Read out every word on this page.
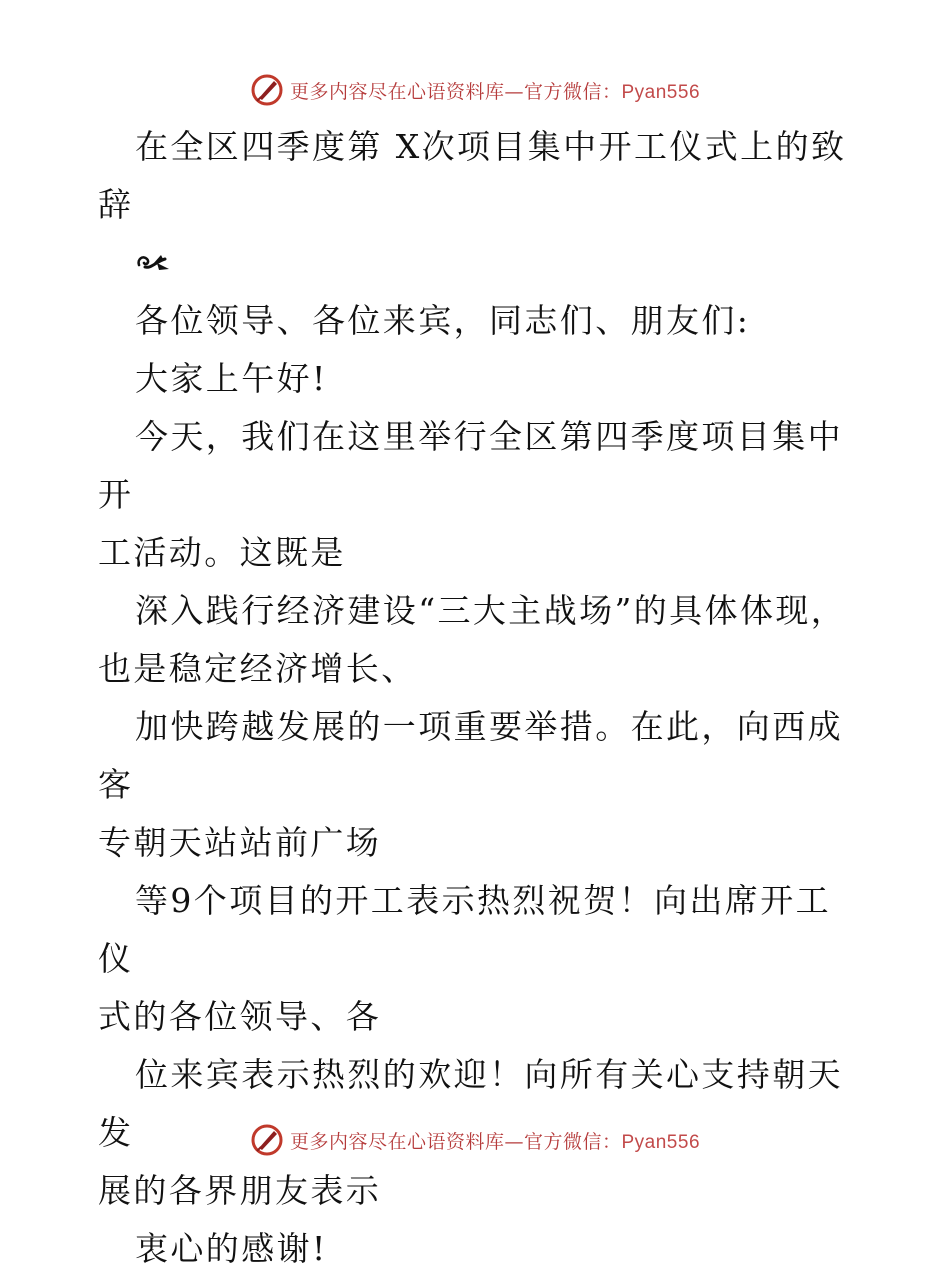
更多内容尽在心语资料库—官方微信：Pyan556
在全区四季度第 X次项目集中开工仪式上的致
辞
各位领导、各位来宾，同志们、朋友们:
大家上午好!
今天，我们在这里举行全区第四季度项目集中开
工活动。这既是
深入践行经济建设“三大主战场”的具体体现，
也是稳定经济增长、
加快跨越发展的一项重要举措。在此，向西成客
专朝天站站前广场
等9个项目的开工表示热烈祝贺！向出席开工仪
式的各位领导、各
位来宾表示热烈的欢迎！向所有关心支持朝天发
展的各界朋友表示
衷心的感谢!
更多内容尽在心语资料库—官方微信：Pyan556
